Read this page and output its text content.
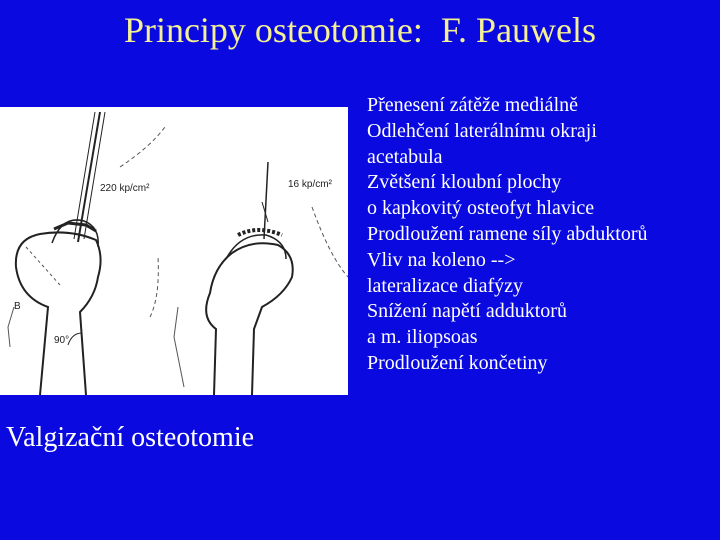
Principy osteotomie:  F. Pauwels
220 kp/cm²
90°
B
16 kp/cm²
Valgizační osteotomie
Přenesení zátěže mediálně
Odlehčení laterálnímu okraji
acetabula
Zvětšení kloubní plochy
o kapkovitý osteofyt hlavice
Prodloužení ramene síly abduktorů
Vliv na koleno -->
lateralizace diafýzy
Snížení napětí adduktorů
a m. iliopsoas
Prodloužení končetiny
